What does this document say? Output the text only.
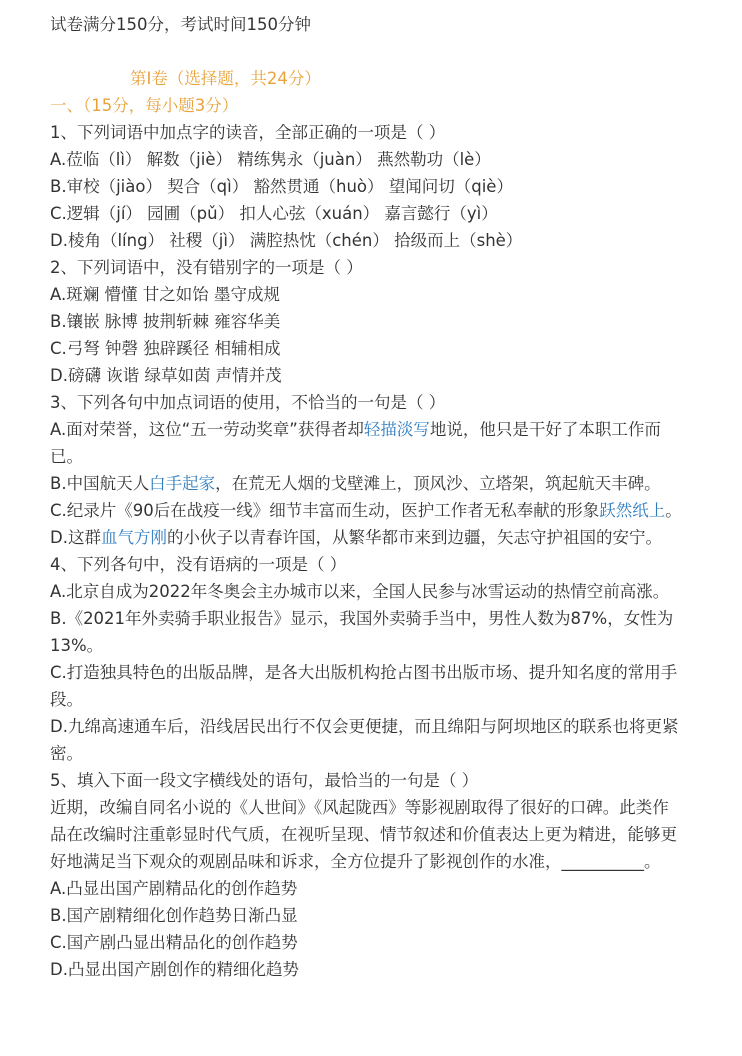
试卷满分150分，考试时间150分钟
第Ⅰ卷（选择题，共24分）
一、（15分，每小题3分）
1、下列词语中加点字的读音，全部正确的一项是（ ）
A.莅临（lì） 解数（jiè） 精练隽永（juàn） 燕然勒功（lè）
B.审校（jiào） 契合（qì） 豁然贯通（huò） 望闻问切（qiè）
C.逻辑（jí） 园圃（pǔ） 扣人心弦（xuán） 嘉言懿行（yì）
D.棱角（líng） 社稷（jì） 满腔热忱（chén） 拾级而上（shè）
2、下列词语中，没有错别字的一项是（ ）
A.斑斓 懵懂 甘之如饴 墨守成规
B.镶嵌 脉博 披荆斩棘 雍容华美
C.弓弩 钟磬 独辟蹊径 相辅相成
D.磅礴 诙谐 绿草如茵 声情并茂
3、下列各句中加点词语的使用，不恰当的一句是（ ）
A.面对荣誉，这位“五一劳动奖章”获得者却轻描淡写地说，他只是干好了本职工作而
已。
B.中国航天人白手起家，在荒无人烟的戈壁滩上，顶风沙、立塔架，筑起航天丰碑。
C.纪录片《90后在战疫一线》细节丰富而生动，医护工作者无私奉献的形象跃然纸上。
D.这群血气方刚的小伙子以青春许国，从繁华都市来到边疆，矢志守护祖国的安宁。
4、下列各句中，没有语病的一项是（ ）
A.北京自成为2022年冬奥会主办城市以来，全国人民参与冰雪运动的热情空前高涨。
B.《2021年外卖骑手职业报告》显示，我国外卖骑手当中，男性人数为87%，女性为
13%。
C.打造独具特色的出版品牌，是各大出版机构抢占图书出版市场、提升知名度的常用手
段。
D.九绵高速通车后，沿线居民出行不仅会更便捷，而且绵阳与阿坝地区的联系也将更紧
密。
5、填入下面一段文字横线处的语句，最恰当的一句是（ ）
近期，改编自同名小说的《人世间》《风起陇西》等影视剧取得了很好的口碑。此类作
品在改编时注重彰显时代气质，在视听呈现、情节叙述和价值表达上更为精进，能够更
好地满足当下观众的观剧品味和诉求，全方位提升了影视创作的水准，__________。
A.凸显出国产剧精品化的创作趋势
B.国产剧精细化创作趋势日渐凸显
C.国产剧凸显出精品化的创作趋势
D.凸显出国产剧创作的精细化趋势
